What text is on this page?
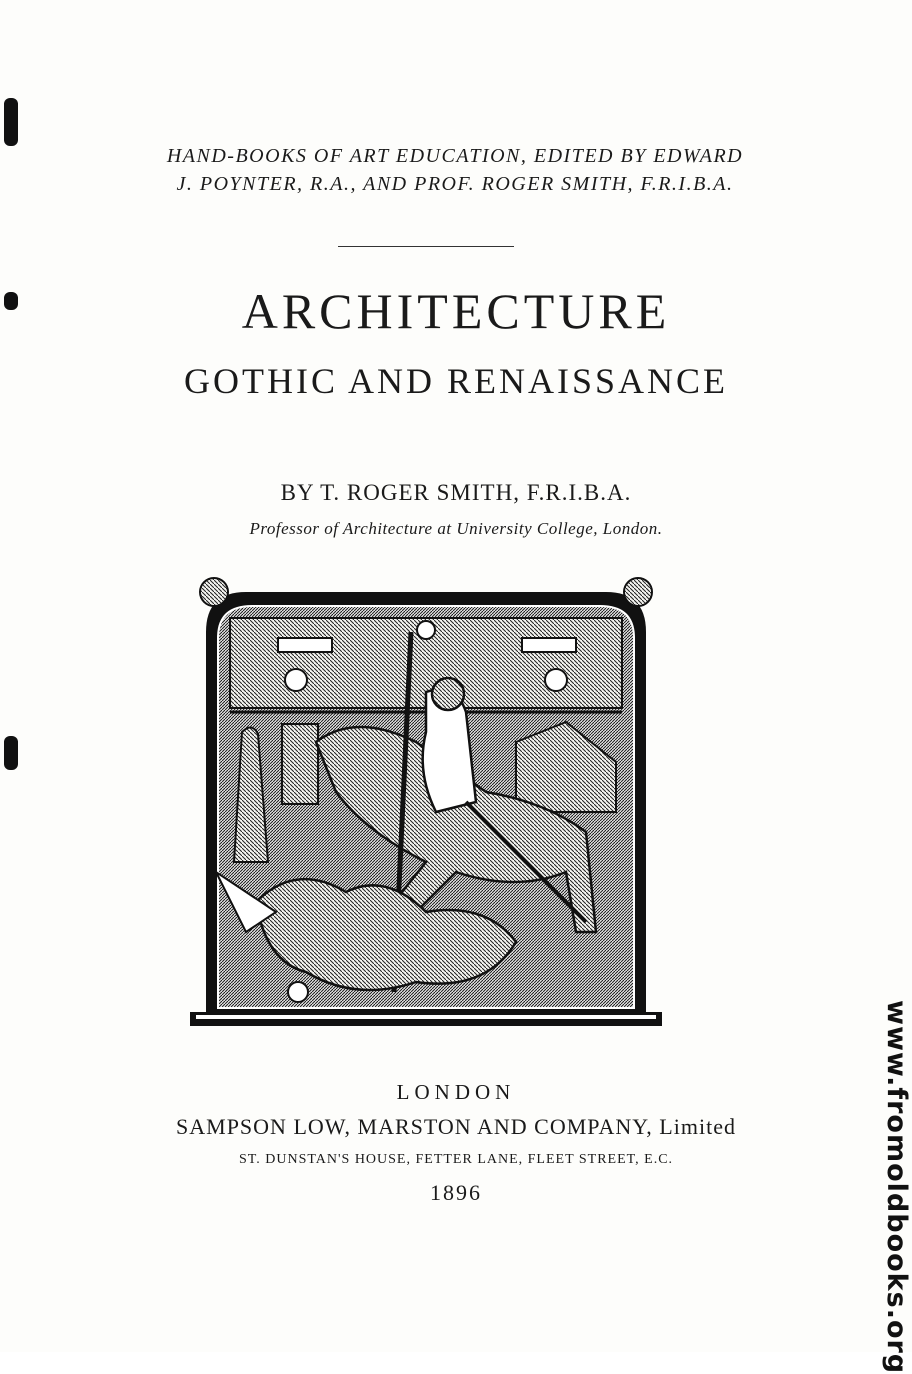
HAND-BOOKS OF ART EDUCATION, EDITED BY EDWARD
J. POYNTER, R.A., AND PROF. ROGER SMITH, F.R.I.B.A.
ARCHITECTURE
GOTHIC AND RENAISSANCE
BY T. ROGER SMITH, F.R.I.B.A.
Professor of Architecture at University College, London.
LONDON
SAMPSON LOW, MARSTON AND COMPANY, Limited
ST. DUNSTAN'S HOUSE, FETTER LANE, FLEET STREET, E.C.
1896	www.fromoldbooks.org
